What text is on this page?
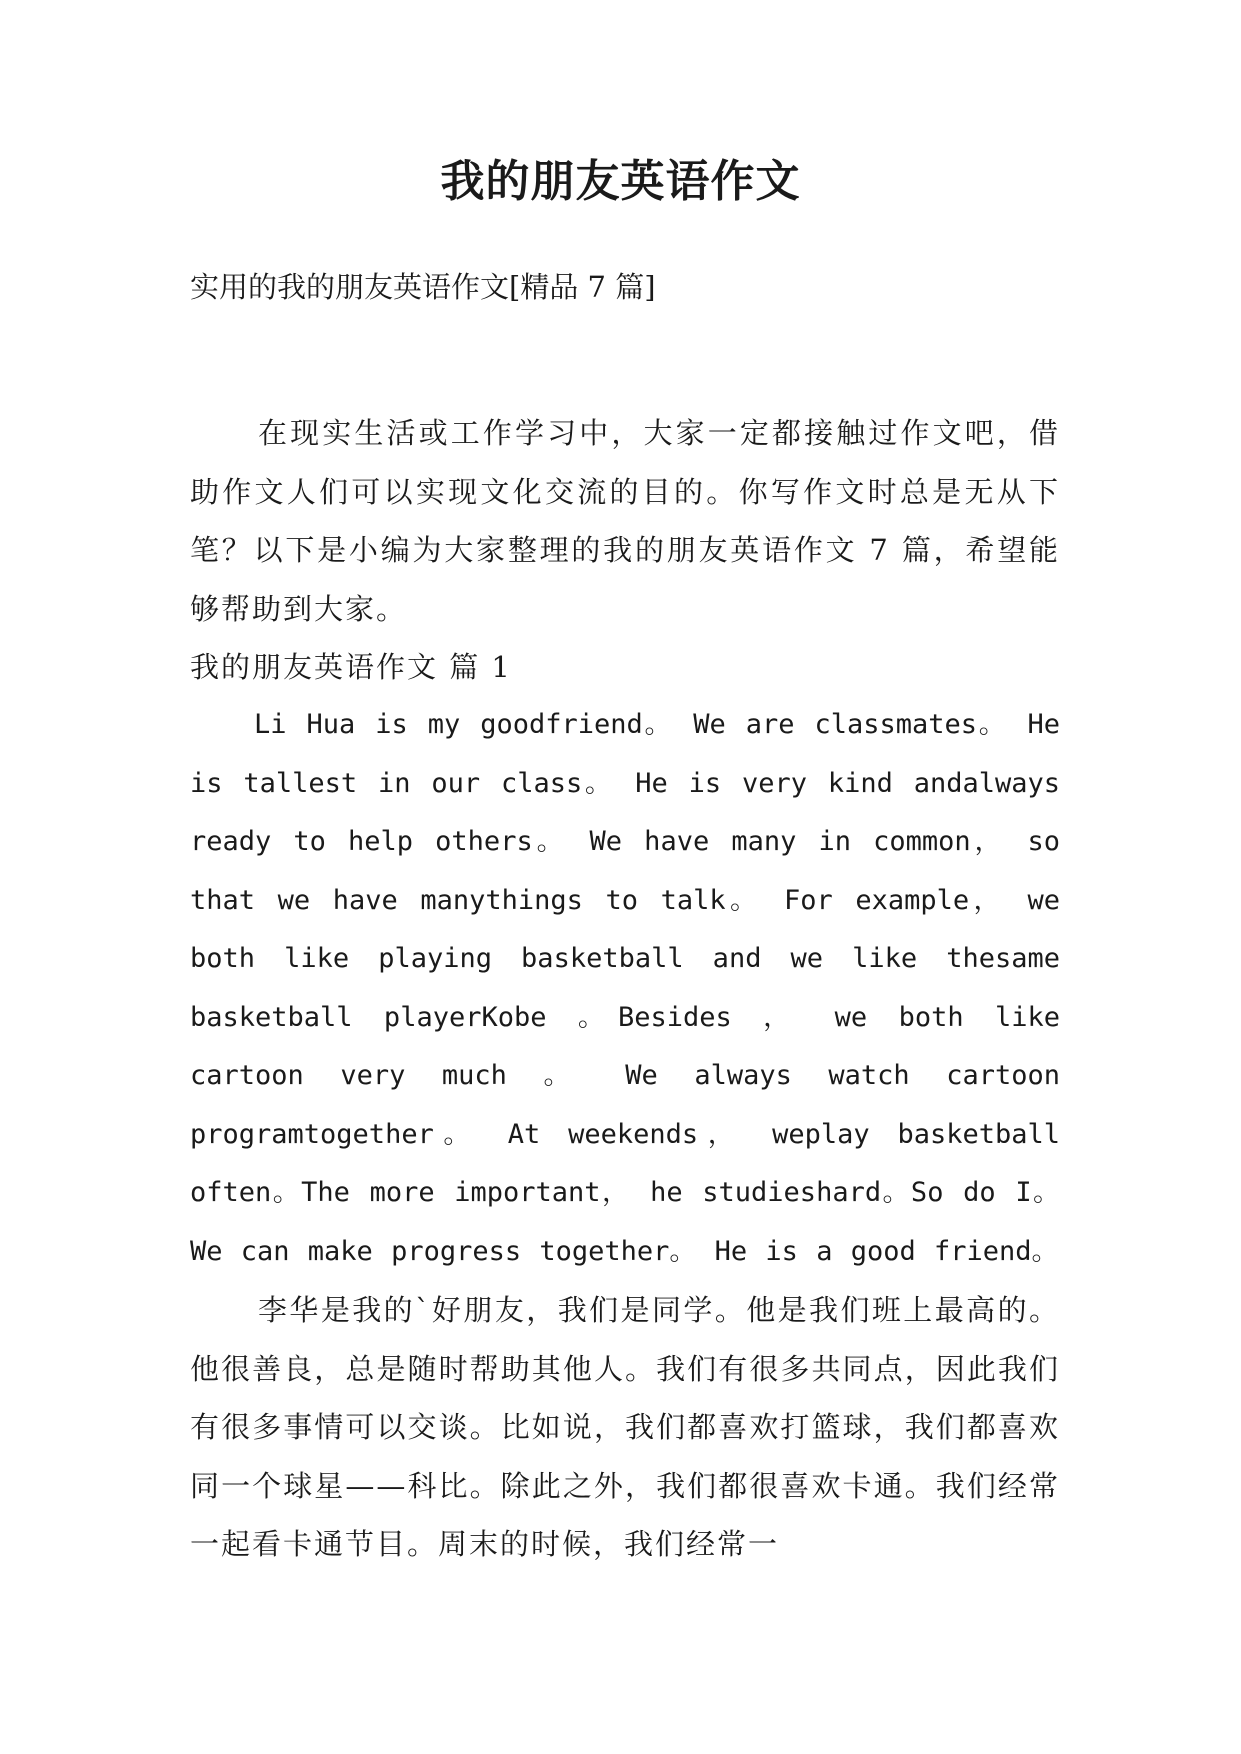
我的朋友英语作文

实用的我的朋友英语作文[精品 7 篇]

在现实生活或工作学习中，大家一定都接触过作文吧，借助作文人们可以实现文化交流的目的。你写作文时总是无从下笔？以下是小编为大家整理的我的朋友英语作文 7 篇，希望能够帮助到大家。

我的朋友英语作文 篇 1

Li Hua is my goodfriend。 We are classmates。 He is tallest in our class。 He is very kind andalways ready to help others。 We have many in common， so that we have manythings to talk。 For example， we both like playing basketball and we like thesame basketball playerKobe 。Besides ， we both like cartoon very much 。 We always watch cartoon programtogether。 At weekends， weplay basketball often。The more important， he studieshard。So do I。 We can make progress together。 He is a good friend。

李华是我的`好朋友，我们是同学。他是我们班上最高的。他很善良，总是随时帮助其他人。我们有很多共同点，因此我们有很多事情可以交谈。比如说，我们都喜欢打篮球，我们都喜欢同一个球星——科比。除此之外，我们都很喜欢卡通。我们经常一起看卡通节目。周末的时候，我们经常一
